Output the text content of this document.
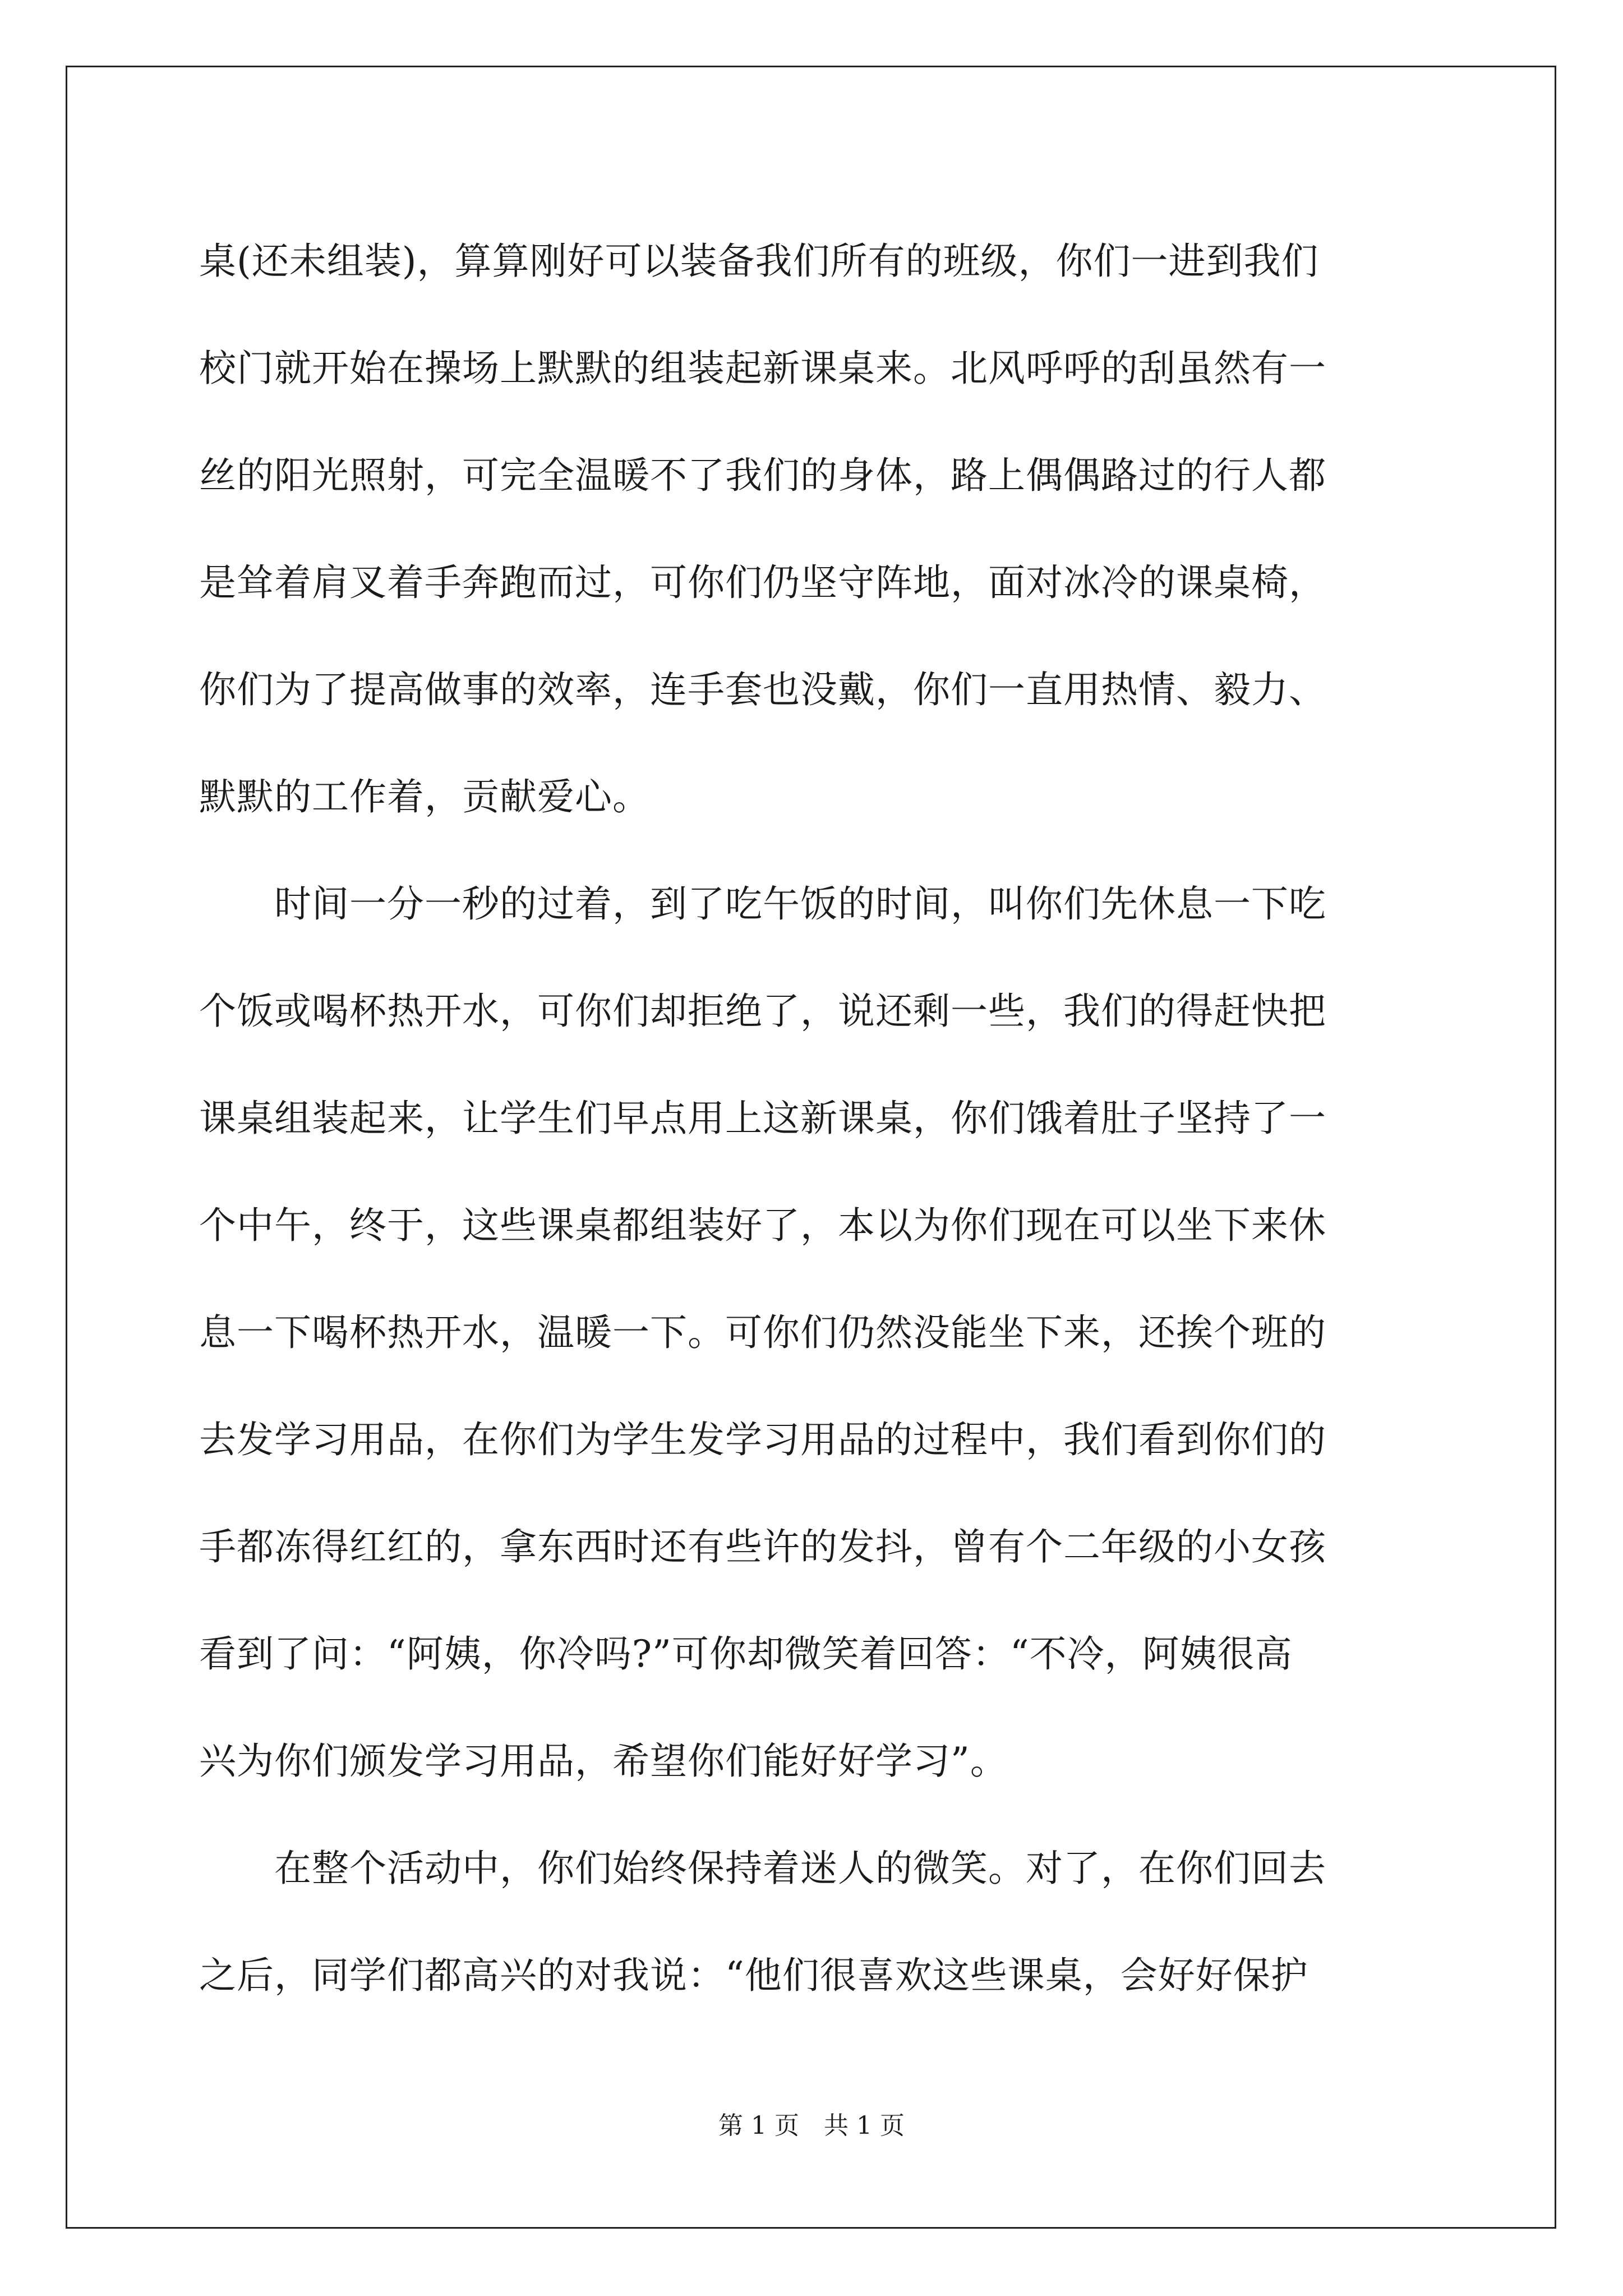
桌(还未组装)，算算刚好可以装备我们所有的班级，你们一进到我们
校门就开始在操场上默默的组装起新课桌来。北风呼呼的刮虽然有一
丝的阳光照射，可完全温暖不了我们的身体，路上偶偶路过的行人都
是耸着肩叉着手奔跑而过，可你们仍坚守阵地，面对冰冷的课桌椅，
你们为了提高做事的效率，连手套也没戴，你们一直用热情、毅力、
默默的工作着，贡献爱心。
　　时间一分一秒的过着，到了吃午饭的时间，叫你们先休息一下吃
个饭或喝杯热开水，可你们却拒绝了，说还剩一些，我们的得赶快把
课桌组装起来，让学生们早点用上这新课桌，你们饿着肚子坚持了一
个中午，终于，这些课桌都组装好了，本以为你们现在可以坐下来休
息一下喝杯热开水，温暖一下。可你们仍然没能坐下来，还挨个班的
去发学习用品，在你们为学生发学习用品的过程中，我们看到你们的
手都冻得红红的，拿东西时还有些许的发抖，曾有个二年级的小女孩
看到了问：“阿姨，你冷吗?”可你却微笑着回答：“不冷，阿姨很高
兴为你们颁发学习用品，希望你们能好好学习”。
　　在整个活动中，你们始终保持着迷人的微笑。对了，在你们回去
之后，同学们都高兴的对我说：“他们很喜欢这些课桌，会好好保护
第 1 页　共 1 页
